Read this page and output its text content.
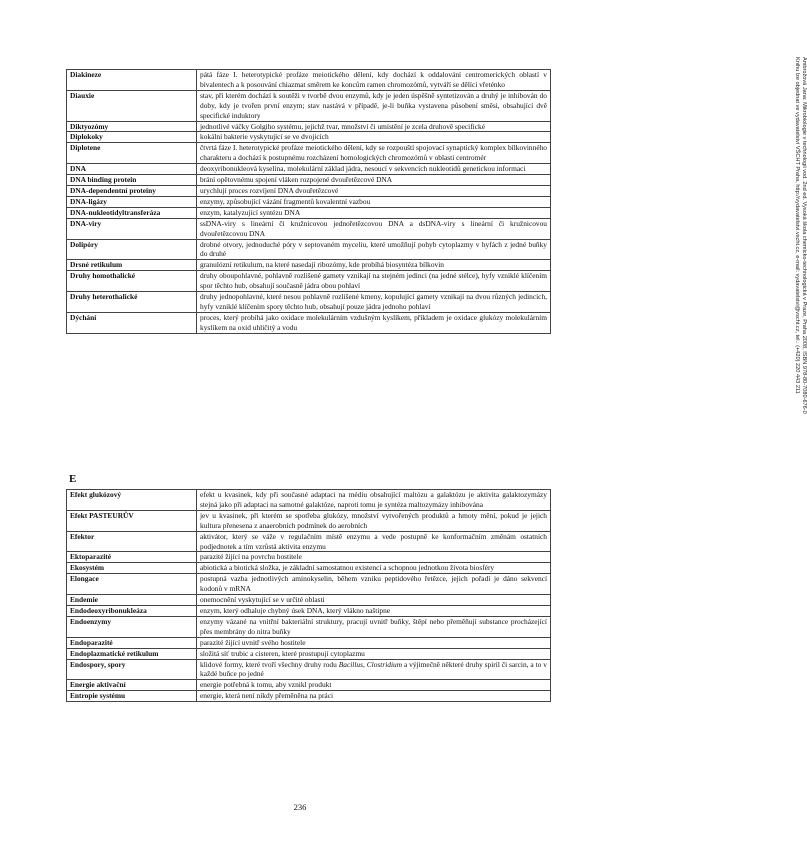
Diakineze	pátá fáze I. heterotypické profáze meiotického dělení, kdy dochází k oddalování centromerických oblastí v bivalentech a k posouvání chiazmat směrem ke koncům ramen chromozómů, vytváří se dělící vřeténko
Diauxie	stav, při kterém dochází k soutěži v tvorbě dvou enzymů, kdy je jeden úspěšně syntetizován a druhý je inhibován do doby, kdy je tvořen první enzym; stav nastává v případě, je-li buňka vystavena působení směsi, obsahující dvě specifické induktory
Diktyozómy	jednotlivé váčky Golgiho systému, jejichž tvar, množství či umístění je zcela druhově specifické
Diplokoky	kokální bakterie vyskytující se ve dvojicích
Diplotene	čtvrtá fáze I. heterotypické profáze meiotického dělení, kdy se rozpouští spojovací synaptický komplex bílkovinného charakteru a dochází k postupnému rozcházení homologických chromozómů v oblasti centromér
DNA	deoxyribonukleová kyselina, molekulární základ jádra, nesoucí v sekvencích nukleotidů genetickou informaci
DNA binding protein	brání opětovnému spojení vláken rozpojené dvouřetězcové DNA
DNA-dependentní proteiny	urychlují proces rozvíjení DNA dvouřetězcové
DNA-ligázy	enzymy, způsobující vázání fragmentů kovalentní vazbou
DNA-nukleotidyltransferáza	enzym, katalyzující syntézu DNA
DNA-viry	ssDNA-viry s lineární či kružnicovou jednořetězcovou DNA a dsDNA-viry s lineární či kružnicovou dvouřetězcovou DNA
Dolipóry	drobné otvory, jednoduché póry v septovaném myceliu, které umožňují pohyb cytoplazmy v hyfách z jedné buňky do druhé
Drsné retikulum	granulózní retikulum, na které nasedají ribozómy, kde probíhá biosyntéza bílkovin
Druhy homothalické	druhy oboupohlavné, pohlavně rozlišené gamety vznikají na stejném jedinci (na jedné stélce), hyfy vzniklé klíčením spor těchto hub, obsahují současně jádra obou pohlaví
Druhy heterothalické	druhy jednopohlavné, které nesou pohlavně rozlišené kmeny, kopulující gamety vznikají na dvou různých jedincích, hyfy vzniklé klíčením spory těchto hub, obsahují pouze jádra jednoho pohlaví
Dýchání	proces, který probíhá jako oxidace molekulárním vzdušným kyslíkem, příkladem je oxidace glukózy molekulárním kyslíkem na oxid uhličitý a vodu
E
Efekt glukózový	efekt u kvasinek, kdy při současné adaptaci na médiu obsahující maltózu a galaktózu je aktivita galaktozymázy stejná jako při adaptaci na samotné galaktóze, naproti tomu je syntéza maltozymázy inhibována
Efekt PASTEURŮV	jev u kvasinek, při kterém se spotřeba glukózy, množství vytvořených produktů a hmoty mění, pokud je jejich kultura přenesena z anaerobních podmínek do aerobních
Efektor	aktivátor, který se váže v regulačním místě enzymu a vede postupně ke konformačním změnám ostatních podjednotek a tím vzrůstá aktivita enzymu
Ektoparazité	parazité žijící na povrchu hostitele
Ekosystém	abiotická a biotická složka, je základní samostatnou existencí a schopnou jednotkou života biosféry
Elongace	postupná vazba jednotlivých aminokyselin, během vzniku peptidového řetězce, jejich pořadí je dáno sekvencí kodonů v mRNA
Endemie	onemocnění vyskytující se v určité oblasti
Endodeoxyribonukleáza	enzym, který odhaluje chybný úsek DNA, který vlákno naštipne
Endoenzymy	enzymy vázané na vnitřní bakteriální struktury, pracují uvnitř buňky, štěpí nebo přeměňují substance procházející přes membrány do nitra buňky
Endoparazité	parazité žijící uvnitř svého hostitele
Endoplazmatické retikulum	složitá síť trubic a cisteren, které prostupují cytoplazmu
Endospory, spory	klidové formy, které tvoří všechny druhy rodu Bacillus, Clostridium a výjimečně některé druhy spiril či sarcin, a to v každé buňce po jedné
Energie aktivační	energie potřebná k tomu, aby vznikl produkt
Entropie systému	energie, která není nikdy přeměněna na práci
236
Ambrožová Jana: Mikrobiologie v technologii vod. 2nd ed. Vysoká škola chemicko-technologická v Praze, Praha 2008, ISBN 978-80-7080-676-0
Knihu lze objednat ve vydavatelství VŠCHT Praha, http://vydavatelstvi.vscht.cz, e-mail: vydavatelstvi@vscht.cz, tel.: (+420) 220 443 211
